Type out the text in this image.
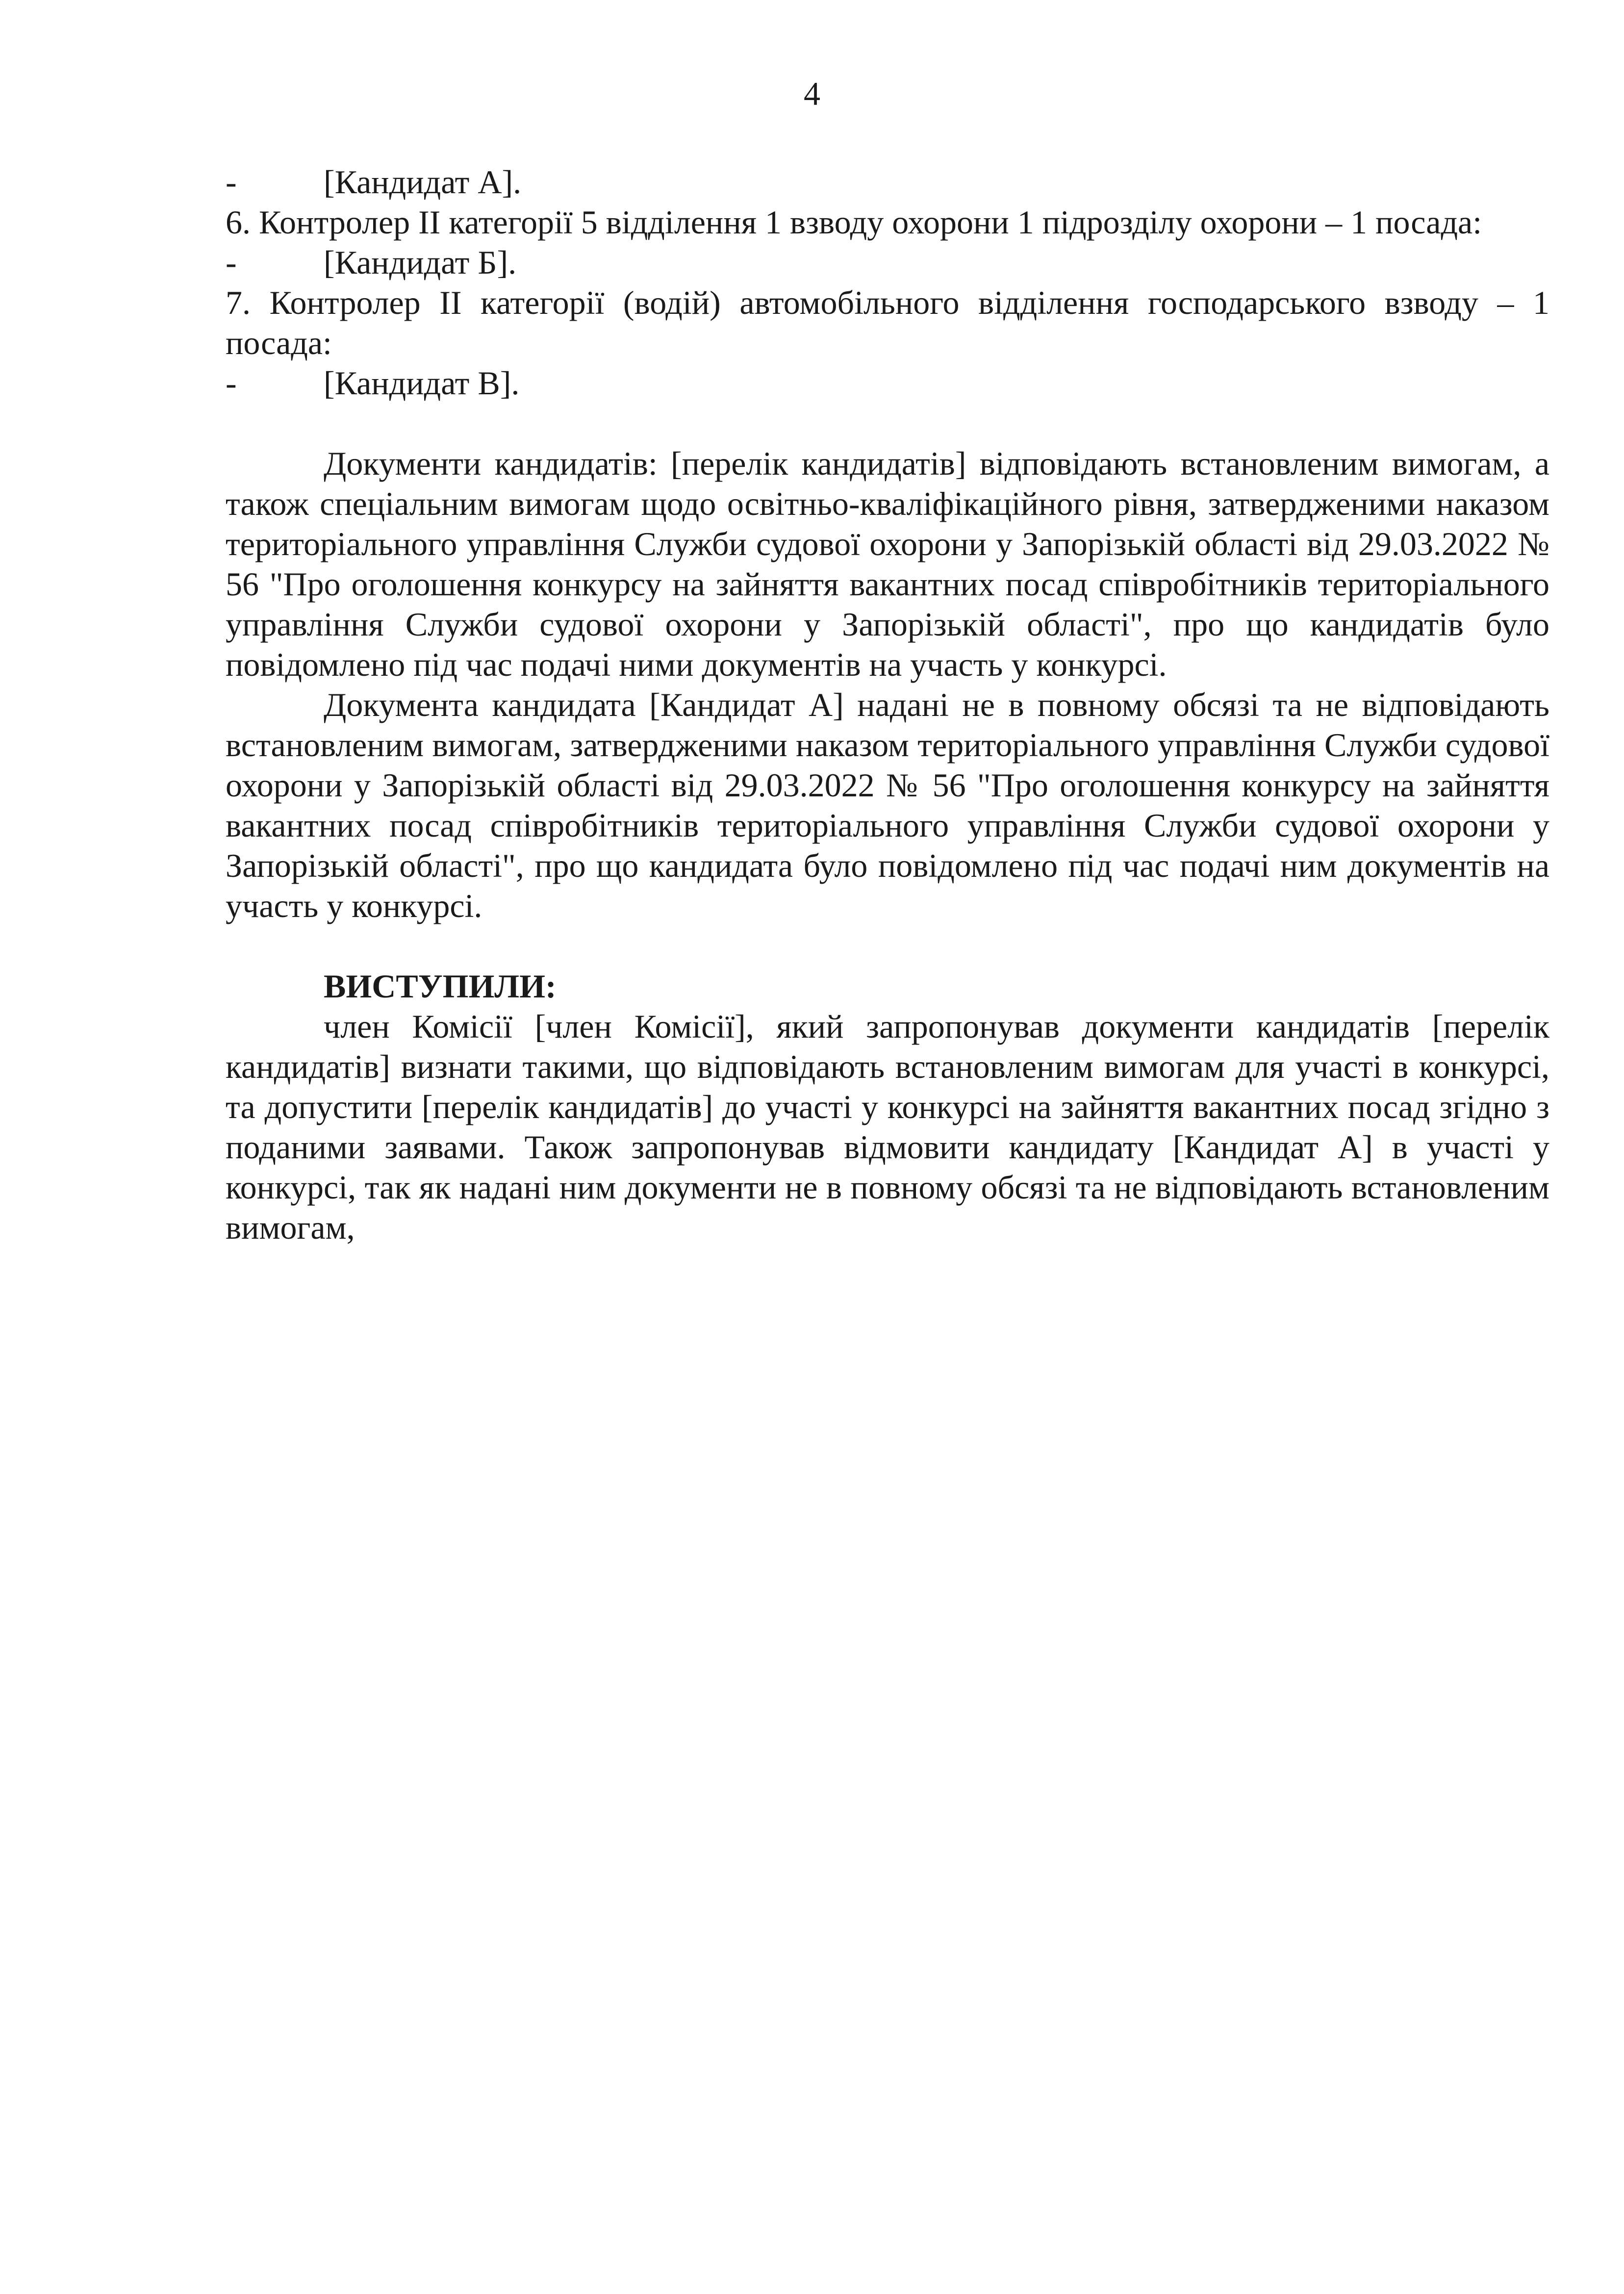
4
-	[Кандидат А].

6. Контролер ІІ категорії 5 відділення 1 взводу охорони 1 підрозділу охорони – 1 посада:

-	[Кандидат Б].

7. Контролер ІІ категорії (водій) автомобільного відділення господарського взводу – 1 посада:

-	[Кандидат В].

Документи кандидатів: [перелік кандидатів] відповідають встановленим вимогам, а також спеціальним вимогам щодо освітньо-кваліфікаційного рівня, затвердженими наказом територіального управління Служби судової охорони у Запорізькій області від 29.03.2022 № 56 "Про оголошення конкурсу на зайняття вакантних посад співробітників територіального управління Служби судової охорони у Запорізькій області", про що кандидатів було повідомлено під час подачі ними документів на участь у конкурсі.

Документа кандидата [Кандидат А] надані не в повному обсязі та не відповідають встановленим вимогам, затвердженими наказом територіального управління Служби судової охорони у Запорізькій області від 29.03.2022 № 56 "Про оголошення конкурсу на зайняття вакантних посад співробітників територіального управління Служби судової охорони у Запорізькій області", про що кандидата було повідомлено під час подачі ним документів на участь у конкурсі.

ВИСТУПИЛИ:

член Комісії [член Комісії], який запропонував документи кандидатів [перелік кандидатів] визнати такими, що відповідають встановленим вимогам для участі в конкурсі, та допустити [перелік кандидатів] до участі у конкурсі на зайняття вакантних посад згідно з поданими заявами. Також запропонував відмовити кандидату [Кандидат А] в участі у конкурсі, так як надані ним документи не в повному обсязі та не відповідають встановленим вимогам,
